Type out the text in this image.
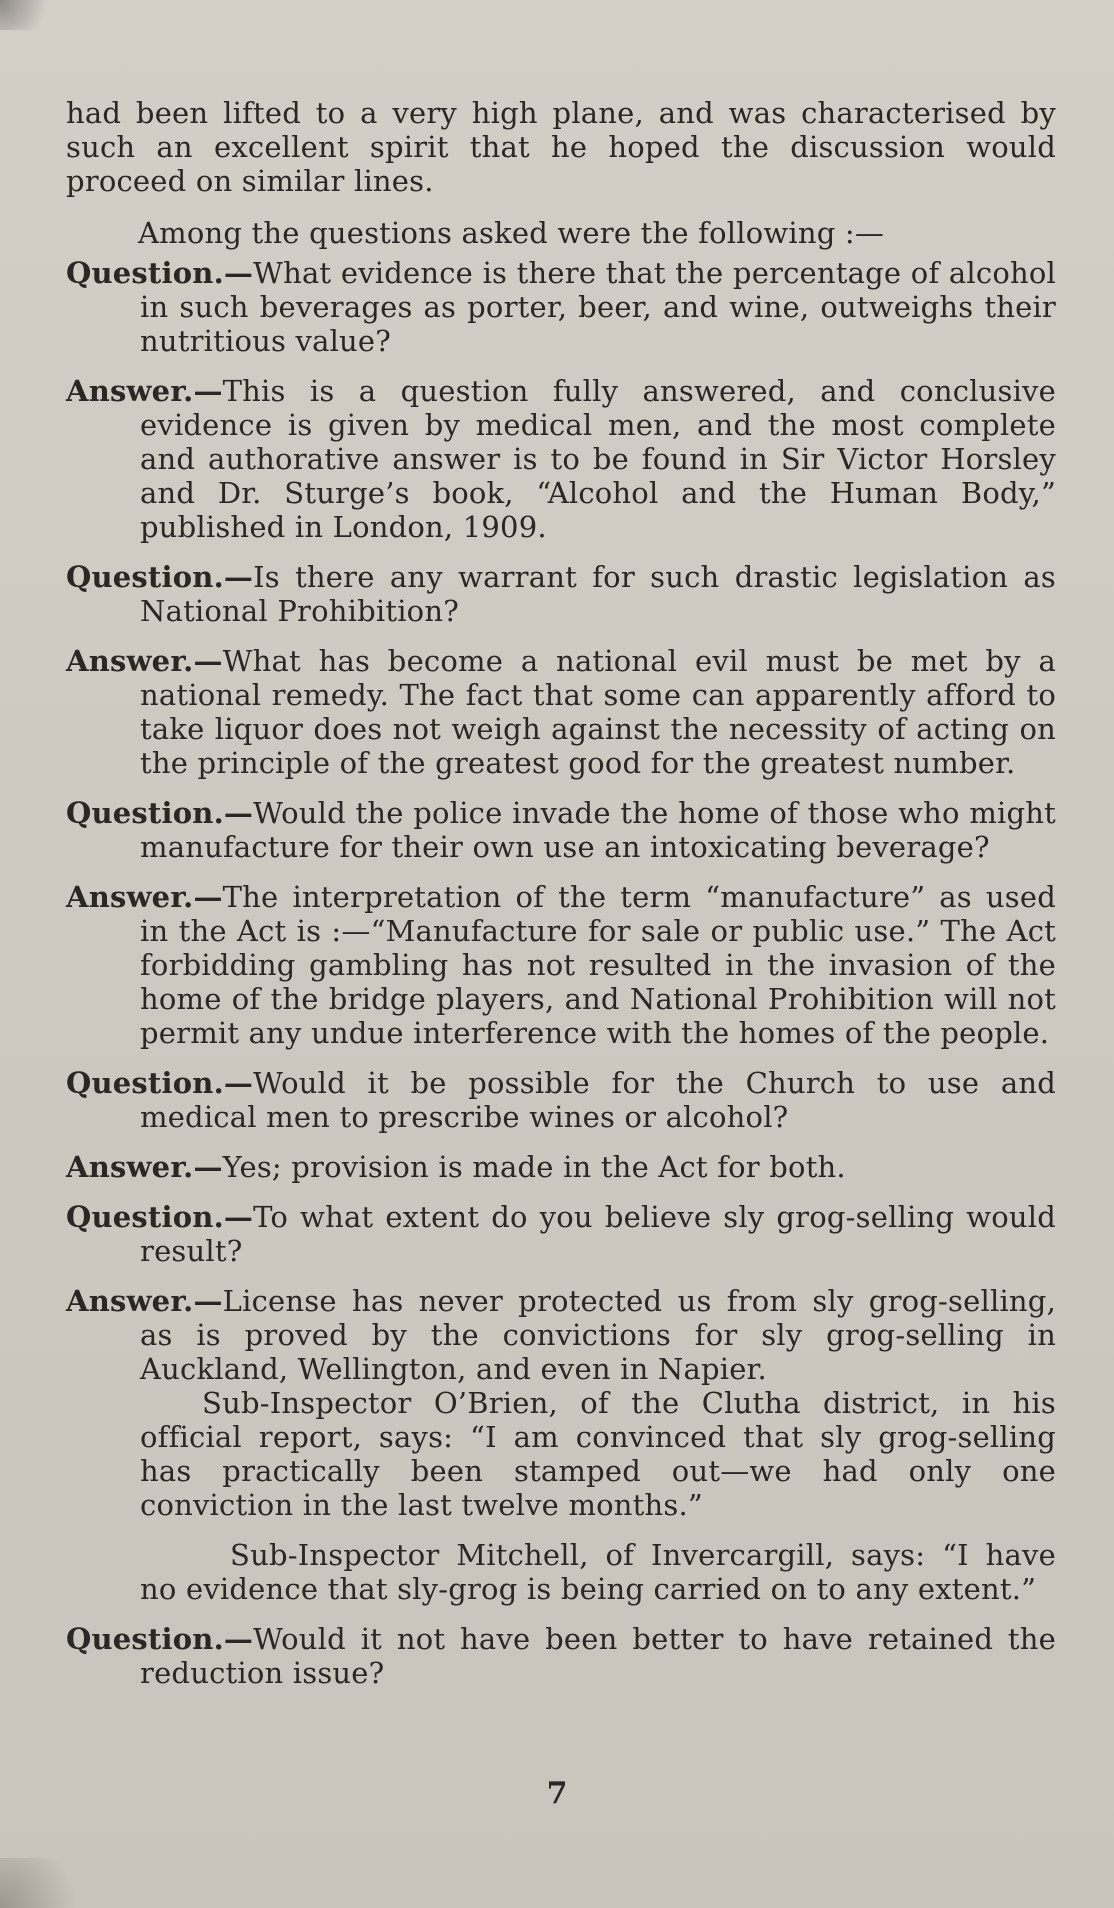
had been lifted to a very high plane, and was characterised by such an excellent spirit that he hoped the discussion would proceed on similar lines.

Among the questions asked were the following :—

Question.—What evidence is there that the percentage of alcohol in such beverages as porter, beer, and wine, outweighs their nutritious value?

Answer.—This is a question fully answered, and conclusive evidence is given by medical men, and the most complete and authorative answer is to be found in Sir Victor Horsley and Dr. Sturge’s book, “Alcohol and the Human Body,” published in London, 1909.

Question.—Is there any warrant for such drastic legislation as National Prohibition?

Answer.—What has become a national evil must be met by a national remedy. The fact that some can apparently afford to take liquor does not weigh against the necessity of acting on the principle of the greatest good for the greatest number.

Question.—Would the police invade the home of those who might manufacture for their own use an intoxicating beverage?

Answer.—The interpretation of the term “manufacture” as used in the Act is :—“Manufacture for sale or public use.” The Act forbidding gambling has not resulted in the invasion of the home of the bridge players, and National Prohibition will not permit any undue interference with the homes of the people.

Question.—Would it be possible for the Church to use and medical men to prescribe wines or alcohol?

Answer.—Yes; provision is made in the Act for both.

Question.—To what extent do you believe sly grog-selling would result?

Answer.—License has never protected us from sly grog-selling, as is proved by the convictions for sly grog-selling in Auckland, Wellington, and even in Napier.
Sub-Inspector O’Brien, of the Clutha district, in his official report, says: “I am convinced that sly grog-selling has practically been stamped out—we had only one conviction in the last twelve months.”

Sub-Inspector Mitchell, of Invercargill, says: “I have no evidence that sly-grog is being carried on to any extent.”

Question.—Would it not have been better to have retained the reduction issue?

7
